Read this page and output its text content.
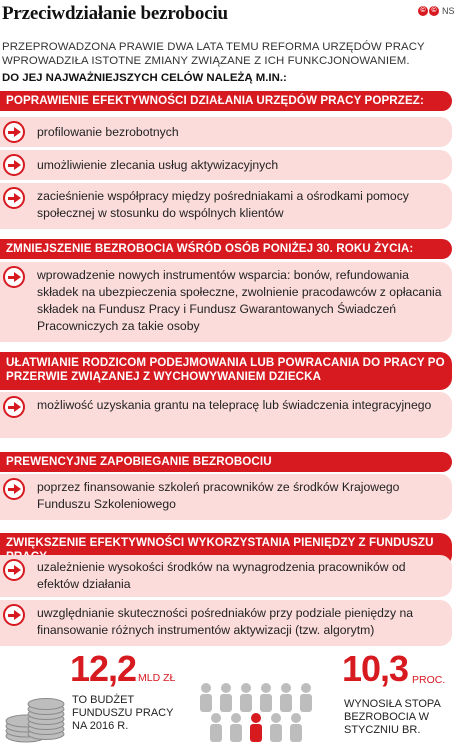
Przeciwdziałanie bezrobociu	© © NS
PRZEPROWADZONA PRAWIE DWA LATA TEMU REFORMA URZĘDÓW PRACY WPROWADZIŁA ISTOTNE ZMIANY ZWIĄZANE Z ICH FUNKCJONOWANIEM.
DO JEJ NAJWAŻNIEJSZYCH CELÓW NALEŻĄ M.IN.:
POPRAWIENIE EFEKTYWNOŚCI DZIAŁANIA URZĘDÓW PRACY POPRZEZ:
profilowanie bezrobotnych
umożliwienie zlecania usług aktywizacyjnych
zacieśnienie współpracy między pośredniakami a ośrodkami pomocy społecznej w stosunku do wspólnych klientów
ZMNIEJSZENIE BEZROBOCIA WŚRÓD OSÓB PONIŻEJ 30. ROKU ŻYCIA:
wprowadzenie nowych instrumentów wsparcia: bonów, refundowania składek na ubezpieczenia społeczne, zwolnienie pracodawców z opłacania składek na Fundusz Pracy i Fundusz Gwarantowanych Świadczeń Pracowniczych za takie osoby
UŁATWIANIE RODZICOM PODEJMOWANIA LUB POWRACANIA DO PRACY PO PRZERWIE ZWIĄZANEJ Z WYCHOWYWANIEM DZIECKA
możliwość uzyskania grantu na telepracę lub świadczenia integracyjnego
PREWENCYJNE ZAPOBIEGANIE BEZROBOCIU
poprzez finansowanie szkoleń pracowników ze środków Krajowego Funduszu Szkoleniowego
ZWIĘKSZENIE EFEKTYWNOŚCI WYKORZYSTANIA PIENIĘDZY Z FUNDUSZU
uzależnienie wysokości środków na wynagrodzenia pracowników od efektów działania
uwzględnianie skuteczności pośredniaków przy podziale pieniędzy na finansowanie różnych instrumentów aktywizacji (tzw. algorytm)
12,2 MLD ZŁ
TO BUDŻET FUNDUSZU PRACY NA 2016 R.
10,3 PROC.
WYNOSIŁA STOPA BEZROBOCIA W STYCZNIU BR.
